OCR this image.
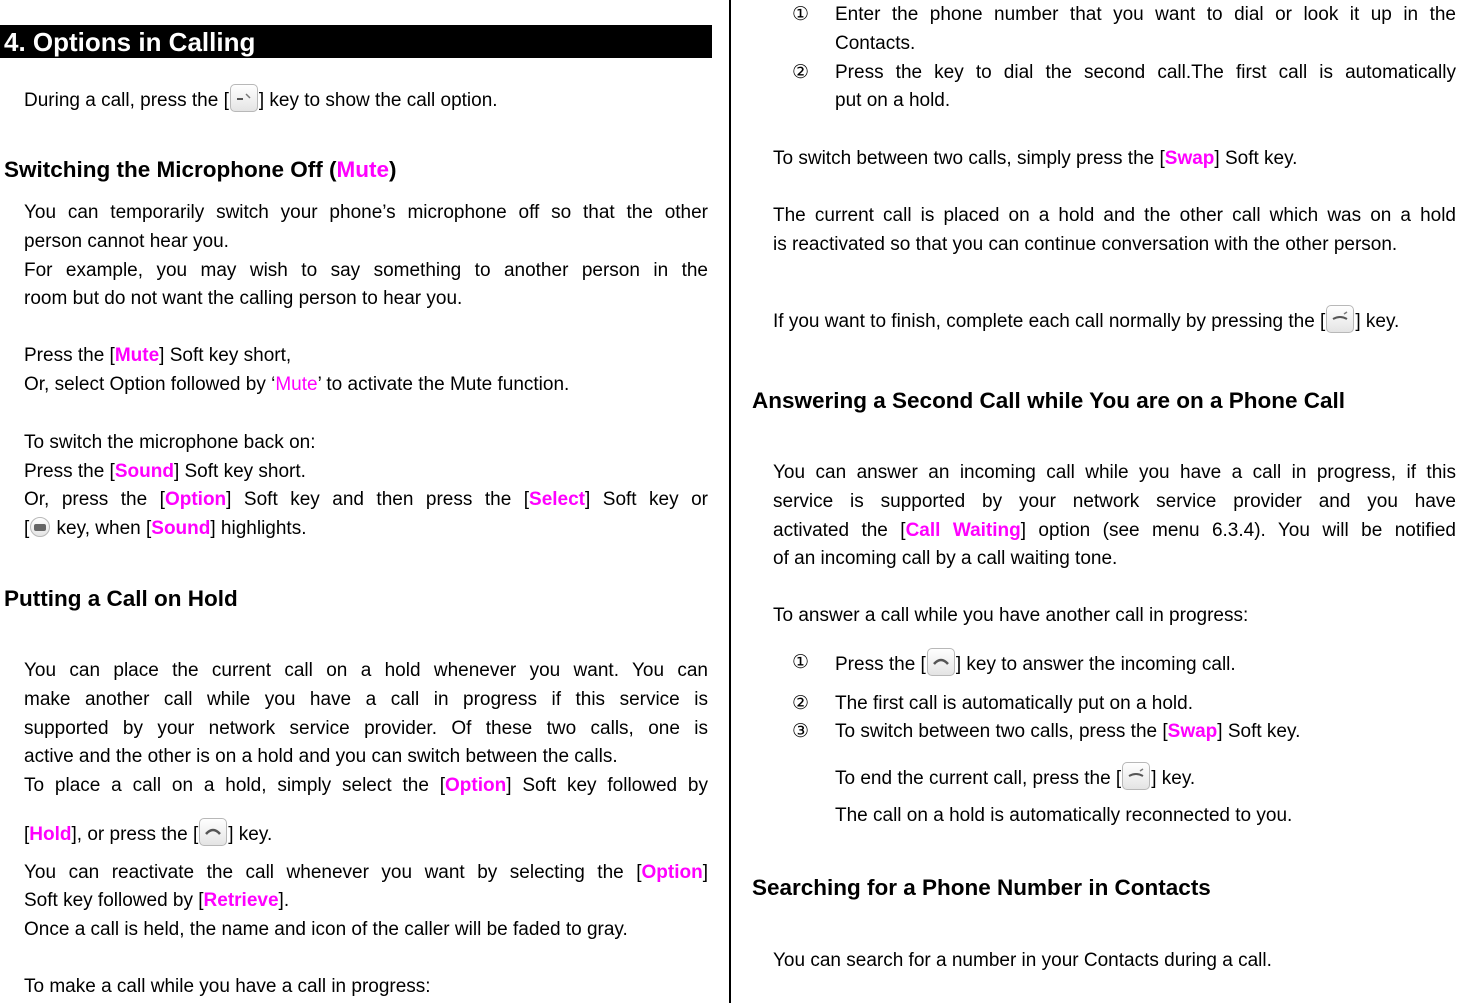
4. Options in Calling
During a call, press the [ ] key to show the call option.
Switching the Microphone Off (Mute)
You can temporarily switch your phone’s microphone off so that the other
person cannot hear you.
For example, you may wish to say something to another person in the
room but do not want the calling person to hear you.
Press the [Mute] Soft key short,
Or, select Option followed by ‘Mute’ to activate the Mute function.
To switch the microphone back on:
Press the [Sound] Soft key short.
Or, press the [Option] Soft key and then press the [Select] Soft key or
[
key, when [Sound] highlights.
Putting a Call on Hold
You can place the current call on a hold whenever you want. You can
make another call while you have a call in progress if this service is
supported by your network service provider. Of these two calls, one is
active and the other is on a hold and you can switch between the calls.
To place a call on a hold, simply select the [Option] Soft key followed by
[Hold], or press the [ ] key.
You can reactivate the call whenever you want by selecting the [Option]
Soft key followed by [Retrieve].
Once a call is held, the name and icon of the caller will be faded to gray.
To make a call while you have a call in progress:
① Enter the phone number that you want to dial or look it up in the
Contacts.
② Press the key to dial the second call.The first call is automatically
put on a hold.
To switch between two calls, simply press the [Swap] Soft key.
The current call is placed on a hold and the other call which was on a hold
is reactivated so that you can continue conversation with the other person.
If you want to finish, complete each call normally by pressing the [ ] key.
Answering a Second Call while You are on a Phone Call
You can answer an incoming call while you have a call in progress, if this
service is supported by your network service provider and you have
activated the [Call Waiting] option (see menu 6.3.4). You will be notified
of an incoming call by a call waiting tone.
To answer a call while you have another call in progress:
① Press the [ ] key to answer the incoming call.
② The first call is automatically put on a hold.
③ To switch between two calls, press the [Swap] Soft key.
To end the current call, press the [ ] key.
The call on a hold is automatically reconnected to you.
Searching for a Phone Number in Contacts
You can search for a number in your Contacts during a call.
